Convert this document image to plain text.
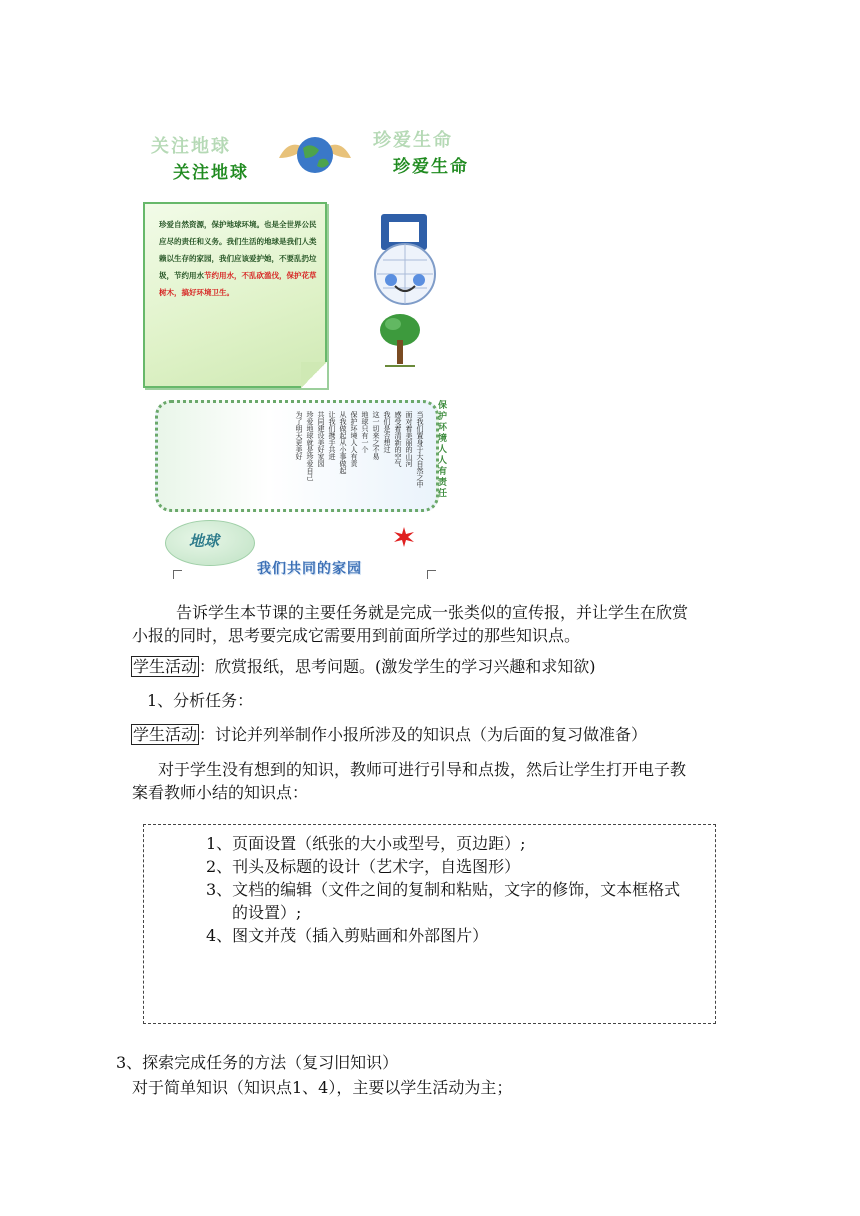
关注地球
关注地球
珍爱生命
珍爱生命
珍爱自然资源，保护地球环境。也是全世界公民应尽的责任和义务。我们生活的地球是我们人类赖以生存的家园，我们应该爱护她，不要乱扔垃圾，节约用水节约用水，不乱砍滥伐，保护花草树木，搞好环境卫生。
当我们置身于大自然之中
面对着美丽的山河
感受着清新的空气
我们是否想过
这一切来之不易
地球只有一个
保护环境人人有责
从我做起从小事做起
让我们携手共进
共同建设美好家园
珍爱地球就是珍爱自己
为了明天更美好	保护环境人人有责任
地球
我们共同的家园
告诉学生本节课的主要任务就是完成一张类似的宣传报，并让学生在欣赏
小报的同时，思考要完成它需要用到前面所学过的那些知识点。
学生活动 ：欣赏报纸，思考问题。(激发学生的学习兴趣和求知欲)
1、分析任务：
学生活动 ：讨论并列举制作小报所涉及的知识点（为后面的复习做准备）
对于学生没有想到的知识，教师可进行引导和点拨，然后让学生打开电子教
案看教师小结的知识点：
1、页面设置（纸张的大小或型号，页边距）;
2、刊头及标题的设计（艺术字，自选图形）
3、文档的编辑（文件之间的复制和粘贴，文字的修饰，文本框格式
的设置）;
4、图文并茂（插入剪贴画和外部图片）
3、探索完成任务的方法（复习旧知识）
对于简单知识（知识点1、4），主要以学生活动为主；
